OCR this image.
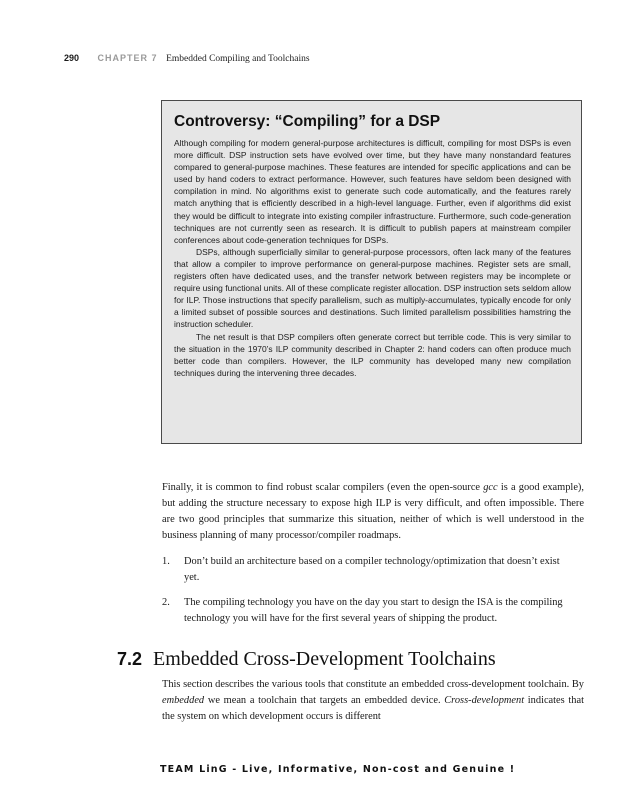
290 CHAPTER 7 Embedded Compiling and Toolchains
Controversy: “Compiling” for a DSP

Although compiling for modern general-purpose architectures is difficult, compiling for most DSPs is even more difficult. DSP instruction sets have evolved over time, but they have many nonstandard features compared to general-purpose machines. These features are intended for specific applications and can be used by hand coders to extract performance. However, such features have seldom been designed with compilation in mind. No algorithms exist to generate such code automatically, and the features rarely match anything that is efficiently described in a high-level language. Further, even if algorithms did exist they would be difficult to integrate into existing compiler infrastructure. Furthermore, such code-generation techniques are not currently seen as research. It is difficult to publish papers at mainstream compiler conferences about code-generation techniques for DSPs.

DSPs, although superficially similar to general-purpose processors, often lack many of the features that allow a compiler to improve performance on general-purpose machines. Register sets are small, registers often have dedicated uses, and the transfer network between registers may be incomplete or require using functional units. All of these complicate register allocation. DSP instruction sets seldom allow for ILP. Those instructions that specify parallelism, such as multiply-accumulates, typically encode for only a limited subset of possible sources and destinations. Such limited parallelism possibilities hamstring the instruction scheduler.

The net result is that DSP compilers often generate correct but terrible code. This is very similar to the situation in the 1970’s ILP community described in Chapter 2: hand coders can often produce much better code than compilers. However, the ILP community has developed many new compilation techniques during the intervening three decades.

Finally, it is common to find robust scalar compilers (even the open-source gcc is a good example), but adding the structure necessary to expose high ILP is very difficult, and often impossible. There are two good principles that summarize this situation, neither of which is well understood in the business planning of many processor/compiler roadmaps.

1. Don’t build an architecture based on a compiler technology/optimization that doesn’t exist yet.
2. The compiling technology you have on the day you start to design the ISA is the compiling technology you will have for the first several years of shipping the product.
7.2 Embedded Cross-Development Toolchains

This section describes the various tools that constitute an embedded cross-development toolchain. By embedded we mean a toolchain that targets an embedded device. Cross-development indicates that the system on which development occurs is different

TEAM LinG - Live, Informative, Non-cost and Genuine !
